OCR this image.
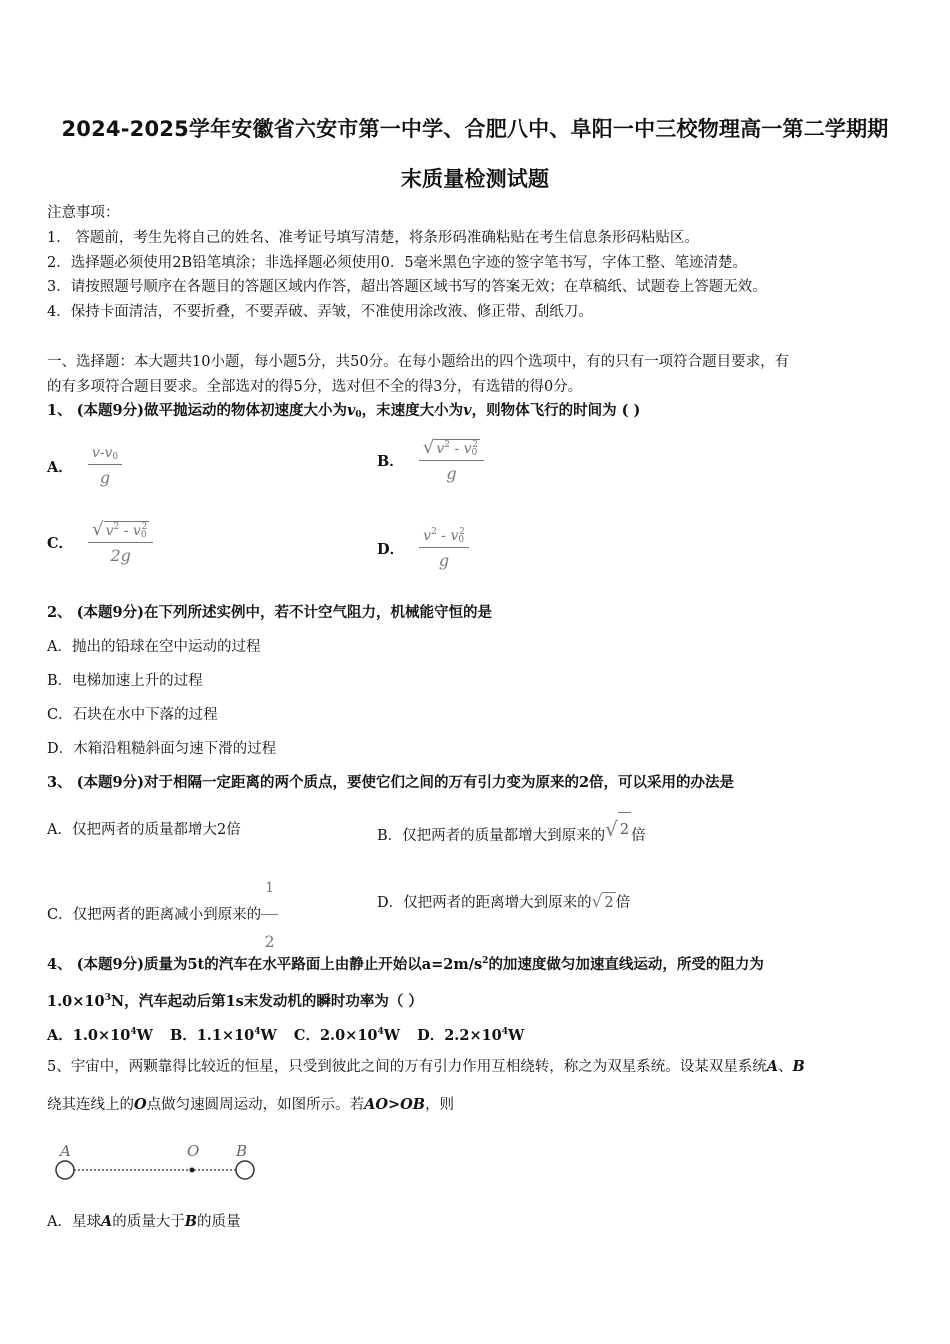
2024-2025学年安徽省六安市第一中学、合肥八中、阜阳一中三校物理高一第二学期期
末质量检测试题
注意事项：
1． 答题前，考生先将自己的姓名、准考证号填写清楚，将条形码准确粘贴在考生信息条形码粘贴区。
2．选择题必须使用2B铅笔填涂；非选择题必须使用0．5毫米黑色字迹的签字笔书写，字体工整、笔迹清楚。
3．请按照题号顺序在各题目的答题区域内作答，超出答题区域书写的答案无效；在草稿纸、试题卷上答题无效。
4．保持卡面清洁，不要折叠，不要弄破、弄皱，不准使用涂改液、修正带、刮纸刀。
一、选择题：本大题共10小题，每小题5分，共50分。在每小题给出的四个选项中，有的只有一项符合题目要求，有
的有多项符合题目要求。全部选对的得5分，选对但不全的得3分，有选错的得0分。
1、 (本题9分)做平抛运动的物体初速度大小为v0，末速度大小为v，则物体飞行的时间为 ( )
A． $\frac{v-v_0}{g}$	B． $\frac{√ v^2 - v_0^2}{g}$
C． $\frac{√ v^2 - v_0^2}{2g}$	D． $\frac{v^2 - v_0^2}{g}$
2、 (本题9分)在下列所述实例中，若不计空气阻力，机械能守恒的是
A．抛出的铅球在空中运动的过程
B．电梯加速上升的过程
C．石块在水中下落的过程
D．木箱沿粗糙斜面匀速下滑的过程
3、 (本题9分)对于相隔一定距离的两个质点，要使它们之间的万有引力变为原来的2倍，可以采用的办法是
A．仅把两者的质量都增大2倍	B．仅把两者的质量都增大到原来的√ 2 倍
C．仅把两者的距离减小到原来的 $\frac{1}{2}$	D．仅把两者的距离增大到原来的√ 2 倍
4、 (本题9分)质量为5t的汽车在水平路面上由静止开始以$a=2m/s^2$的加速度做匀加速直线运动，所受的阻力为
$1.0\times 10^3N$，汽车起动后第1s末发动机的瞬时功率为（ ）
A．$1.0\times 10^4W$ B．$1.1\times 10^4W$ C．$2.0\times 10^4W$ D．$2.2\times 10^4W$
5、宇宙中，两颗靠得比较近的恒星，只受到彼此之间的万有引力作用互相绕转，称之为双星系统。设某双星系统A、B
绕其连线上的O点做匀速圆周运动，如图所示。若AO>OB，则
A	O B
A．星球A的质量大于B的质量
